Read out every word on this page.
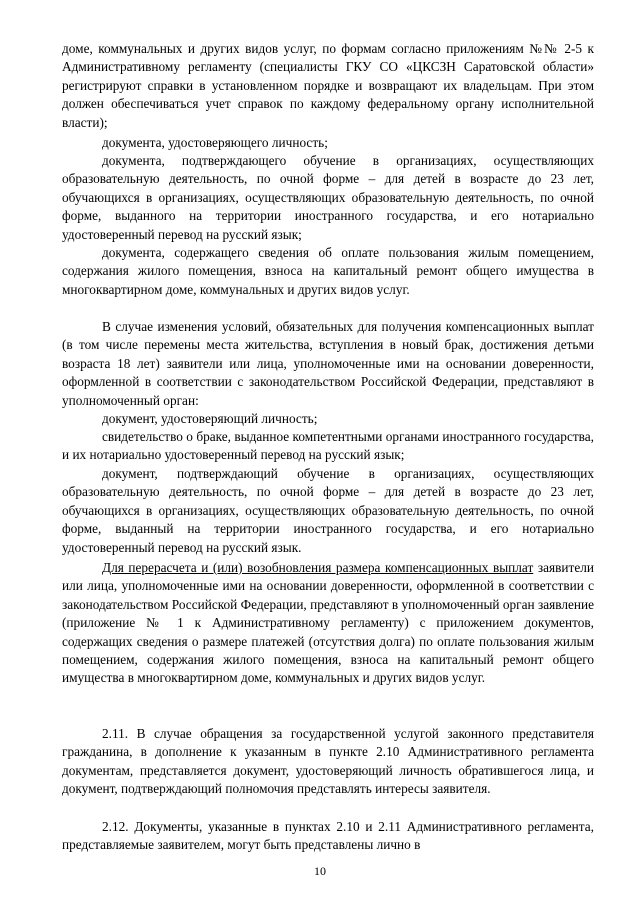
доме, коммунальных и других видов услуг, по формам согласно приложениям №№ 2-5 к Административному регламенту (специалисты ГКУ СО «ЦКСЗН Саратовской области» регистрируют справки в установленном порядке и возвращают их владельцам. При этом должен обеспечиваться учет справок по каждому федеральному органу исполнительной власти);

документа, удостоверяющего личность;

документа, подтверждающего обучение в организациях, осуществляющих образовательную деятельность, по очной форме – для детей в возрасте до 23 лет, обучающихся в организациях, осуществляющих образовательную деятельность, по очной форме, выданного на территории иностранного государства, и его нотариально удостоверенный перевод на русский язык;

документа, содержащего сведения об оплате пользования жилым помещением, содержания жилого помещения, взноса на капитальный ремонт общего имущества в многоквартирном доме, коммунальных и других видов услуг.

В случае изменения условий, обязательных для получения компенсационных выплат (в том числе перемены места жительства, вступления в новый брак, достижения детьми возраста 18 лет) заявители или лица, уполномоченные ими на основании доверенности, оформленной в соответствии с законодательством Российской Федерации, представляют в уполномоченный орган:

документ, удостоверяющий личность;

свидетельство о браке, выданное компетентными органами иностранного государства, и их нотариально удостоверенный перевод на русский язык;

документ, подтверждающий обучение в организациях, осуществляющих образовательную деятельность, по очной форме – для детей в возрасте до 23 лет, обучающихся в организациях, осуществляющих образовательную деятельность, по очной форме, выданный на территории иностранного государства, и его нотариально удостоверенный перевод на русский язык.

Для перерасчета и (или) возобновления размера компенсационных выплат заявители или лица, уполномоченные ими на основании доверенности, оформленной в соответствии с законодательством Российской Федерации, представляют в уполномоченный орган заявление (приложение № 1 к Административному регламенту) с приложением документов, содержащих сведения о размере платежей (отсутствия долга) по оплате пользования жилым помещением, содержания жилого помещения, взноса на капитальный ремонт общего имущества в многоквартирном доме, коммунальных и других видов услуг.

2.11. В случае обращения за государственной услугой законного представителя гражданина, в дополнение к указанным в пункте 2.10 Административного регламента документам, представляется документ, удостоверяющий личность обратившегося лица, и документ, подтверждающий полномочия представлять интересы заявителя.

2.12. Документы, указанные в пунктах 2.10 и 2.11 Административного регламента, представляемые заявителем, могут быть представлены лично в

10
